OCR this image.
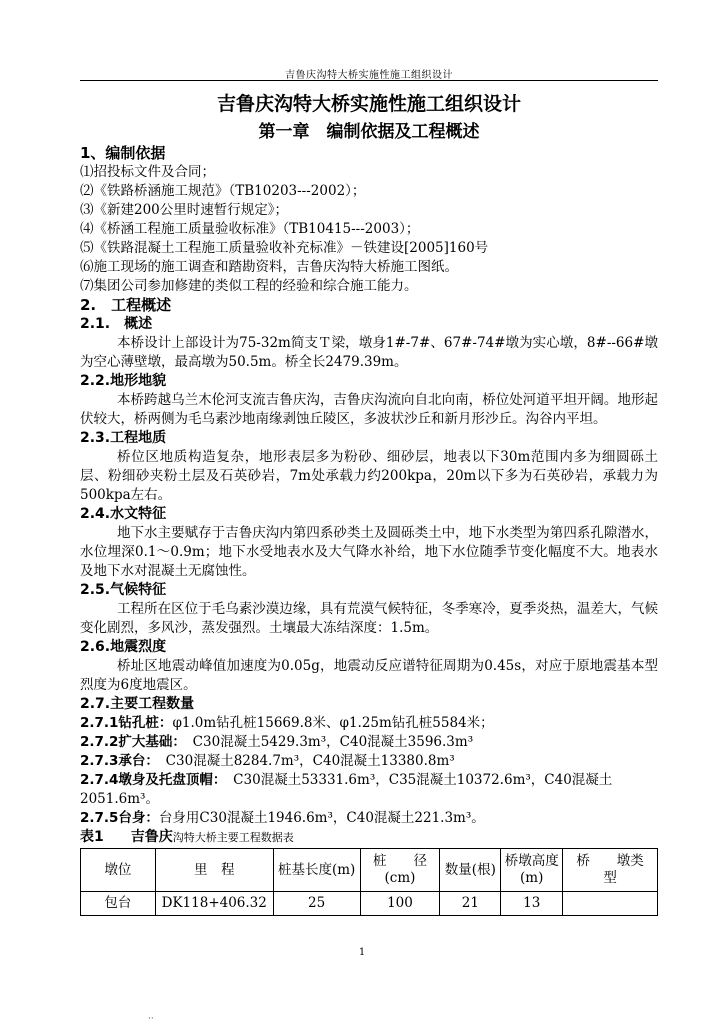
吉鲁庆沟特大桥实施性施工组织设计
吉鲁庆沟特大桥实施性施工组织设计
第一章　编制依据及工程概述
1、编制依据
⑴招投标文件及合同；
⑵《铁路桥涵施工规范》（TB10203---2002）；
⑶《新建200公里时速暂行规定》；
⑷《桥涵工程施工质量验收标准》（TB10415---2003）；
⑸《铁路混凝土工程施工质量验收补充标准》－铁建设[2005]160号
⑹施工现场的施工调查和踏勘资料，吉鲁庆沟特大桥施工图纸。
⑺集团公司参加修建的类似工程的经验和综合施工能力。
2.　工程概述
2.1.　概述
本桥设计上部设计为75-32m简支Ｔ梁，墩身1#-7#、67#-74#墩为实心墩，8#--66#墩为空心薄壁墩，最高墩为50.5m。桥全长2479.39m。
2.2.地形地貌
本桥跨越乌兰木伦河支流吉鲁庆沟，吉鲁庆沟流向自北向南，桥位处河道平坦开阔。地形起伏较大，桥两侧为毛乌素沙地南缘剥蚀丘陵区，多波状沙丘和新月形沙丘。沟谷内平坦。
2.3.工程地质
桥位区地质构造复杂，地形表层多为粉砂、细砂层，地表以下30m范围内多为细圆砾土层、粉细砂夹粉土层及石英砂岩，7m处承载力约200kpa，20m以下多为石英砂岩，承载力为500kpa左右。
2.4.水文特征
地下水主要赋存于吉鲁庆沟内第四系砂类土及圆砾类土中，地下水类型为第四系孔隙潜水，水位埋深0.1～0.9m；地下水受地表水及大气降水补给，地下水位随季节变化幅度不大。地表水及地下水对混凝土无腐蚀性。
2.5.气候特征
工程所在区位于毛乌素沙漠边缘，具有荒漠气候特征，冬季寒冷，夏季炎热，温差大，气候变化剧烈，多风沙，蒸发强烈。土壤最大冻结深度：1.5m。
2.6.地震烈度
桥址区地震动峰值加速度为0.05g，地震动反应谱特征周期为0.45s，对应于原地震基本型烈度为6度地震区。
2.7.主要工程数量
2.7.1钻孔桩：φ1.0m钻孔桩15669.8米、φ1.25m钻孔桩5584米；
2.7.2扩大基础：　C30混凝土5429.3m³，C40混凝土3596.3m³
2.7.3承台：　C30混凝土8284.7m³，C40混凝土13380.8m³
2.7.4墩身及托盘顶帽：　C30混凝土53331.6m³，C35混凝土10372.6m³，C40混凝土2051.6m³。
2.7.5台身：台身用C30混凝土1946.6m³，C40混凝土221.3m³。
表1　　 吉鲁庆沟特大桥主要工程数据表
墩位	里　程	桩基长度(m)	桩　　径(cm)	数量(根)	桥墩高度(m)	桥　　墩类　型
包台	DK118+406.32	25	100	21	13	
1
··
